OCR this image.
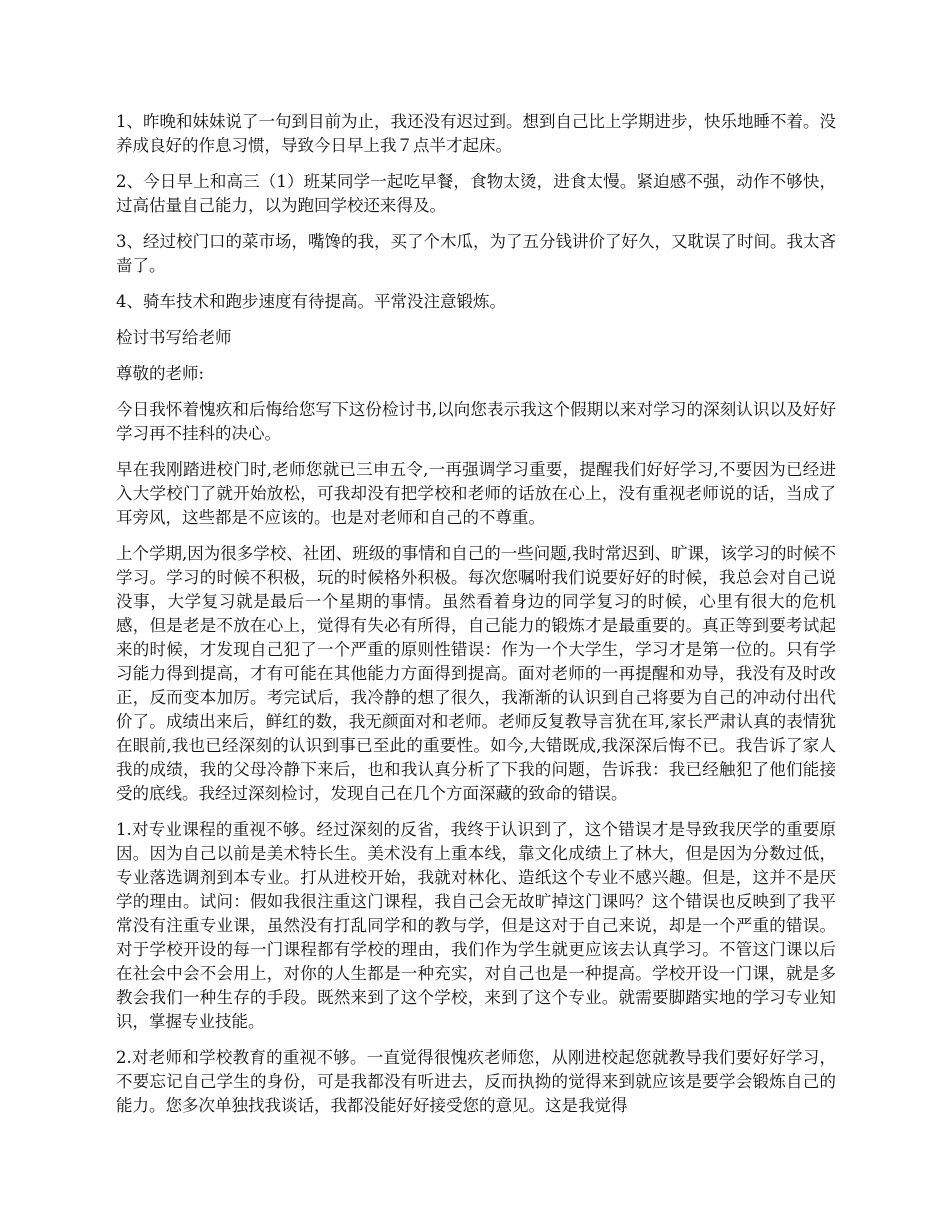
1、昨晚和妹妹说了一句到目前为止，我还没有迟过到。想到自己比上学期进步，快乐地睡不着。没养成良好的作息习惯，导致今日早上我７点半才起床。

2、今日早上和高三（1）班某同学一起吃早餐，食物太烫，进食太慢。紧迫感不强，动作不够快，过高估量自己能力，以为跑回学校还来得及。

3、经过校门口的菜市场，嘴馋的我，买了个木瓜，为了五分钱讲价了好久，又耽误了时间。我太吝啬了。

4、骑车技术和跑步速度有待提高。平常没注意锻炼。

检讨书写给老师

尊敬的老师:

今日我怀着愧疚和后悔给您写下这份检讨书,以向您表示我这个假期以来对学习的深刻认识以及好好学习再不挂科的决心。

早在我刚踏进校门时,老师您就已三申五令,一再强调学习重要，提醒我们好好学习,不要因为已经进入大学校门了就开始放松，可我却没有把学校和老师的话放在心上，没有重视老师说的话，当成了耳旁风，这些都是不应该的。也是对老师和自己的不尊重。

上个学期,因为很多学校、社团、班级的事情和自己的一些问题,我时常迟到、旷课，该学习的时候不学习。学习的时候不积极，玩的时候格外积极。每次您嘱咐我们说要好好的时候，我总会对自己说没事，大学复习就是最后一个星期的事情。虽然看着身边的同学复习的时候，心里有很大的危机感，但是老是不放在心上，觉得有失必有所得，自己能力的锻炼才是最重要的。真正等到要考试起来的时候，才发现自己犯了一个严重的原则性错误：作为一个大学生，学习才是第一位的。只有学习能力得到提高，才有可能在其他能力方面得到提高。面对老师的一再提醒和劝导，我没有及时改正，反而变本加厉。考完试后，我冷静的想了很久，我渐渐的认识到自己将要为自己的冲动付出代价了。成绩出来后，鲜红的数，我无颜面对和老师。老师反复教导言犹在耳,家长严肃认真的表情犹在眼前,我也已经深刻的认识到事已至此的重要性。如今,大错既成,我深深后悔不已。我告诉了家人我的成绩，我的父母冷静下来后，也和我认真分析了下我的问题，告诉我：我已经触犯了他们能接受的底线。我经过深刻检讨，发现自己在几个方面深藏的致命的错误。

1.对专业课程的重视不够。经过深刻的反省，我终于认识到了，这个错误才是导致我厌学的重要原因。因为自己以前是美术特长生。美术没有上重本线，靠文化成绩上了林大，但是因为分数过低，专业落选调剂到本专业。打从进校开始，我就对林化、造纸这个专业不感兴趣。但是，这并不是厌学的理由。试问：假如我很注重这门课程，我自己会无故旷掉这门课吗？这个错误也反映到了我平常没有注重专业课，虽然没有打乱同学和的教与学，但是这对于自己来说，却是一个严重的错误。对于学校开设的每一门课程都有学校的理由，我们作为学生就更应该去认真学习。不管这门课以后在社会中会不会用上，对你的人生都是一种充实，对自己也是一种提高。学校开设一门课，就是多教会我们一种生存的手段。既然来到了这个学校，来到了这个专业。就需要脚踏实地的学习专业知识，掌握专业技能。

2.对老师和学校教育的重视不够。一直觉得很愧疚老师您，从刚进校起您就教导我们要好好学习，不要忘记自己学生的身份，可是我都没有听进去，反而执拗的觉得来到就应该是要学会锻炼自己的能力。您多次单独找我谈话，我都没能好好接受您的意见。这是我觉得
